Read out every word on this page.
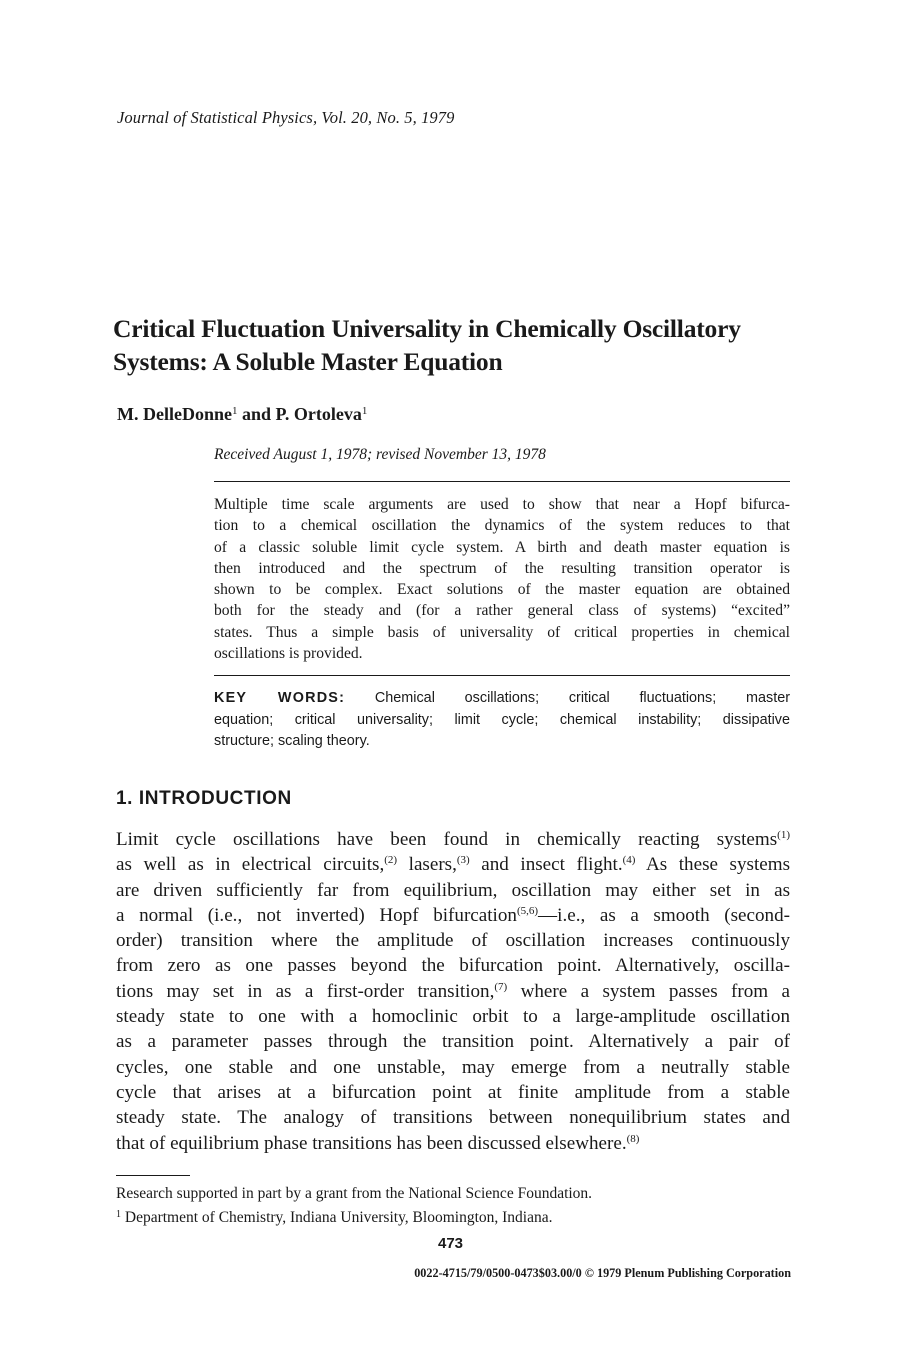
Journal of Statistical Physics, Vol. 20, No. 5, 1979
Critical Fluctuation Universality in Chemically Oscillatory
Systems: A Soluble Master Equation
M. DelleDonne$^1$ and P. Ortoleva$^1$
Received August 1, 1978; revised November 13, 1978
Multiple time scale arguments are used to show that near a Hopf bifurca-
tion to a chemical oscillation the dynamics of the system reduces to that
of a classic soluble limit cycle system. A birth and death master equation is
then introduced and the spectrum of the resulting transition operator is
shown to be complex. Exact solutions of the master equation are obtained
both for the steady and (for a rather general class of systems) “excited”
states. Thus a simple basis of universality of critical properties in chemical
oscillations is provided.
KEY WORDS: Chemical oscillations; critical fluctuations; master
equation; critical universality; limit cycle; chemical instability; dissipative
structure; scaling theory.
1. INTRODUCTION
Limit cycle oscillations have been found in chemically reacting systems$^{(1)}$
as well as in electrical circuits,$^{(2)}$ lasers,$^{(3)}$ and insect flight.$^{(4)}$ As these systems
are driven sufficiently far from equilibrium, oscillation may either set in as
a normal (i.e., not inverted) Hopf bifurcation$^{(5,6)}$—i.e., as a smooth (second-
order) transition where the amplitude of oscillation increases continuously
from zero as one passes beyond the bifurcation point. Alternatively, oscilla-
tions may set in as a first-order transition,$^{(7)}$ where a system passes from a
steady state to one with a homoclinic orbit to a large-amplitude oscillation
as a parameter passes through the transition point. Alternatively a pair of
cycles, one stable and one unstable, may emerge from a neutrally stable
cycle that arises at a bifurcation point at finite amplitude from a stable
steady state. The analogy of transitions between nonequilibrium states and
that of equilibrium phase transitions has been discussed elsewhere.$^{(8)}$
Research supported in part by a grant from the National Science Foundation.
$^1$ Department of Chemistry, Indiana University, Bloomington, Indiana.
473
0022-4715/79/0500-0473$03.00/0 © 1979 Plenum Publishing Corporation
